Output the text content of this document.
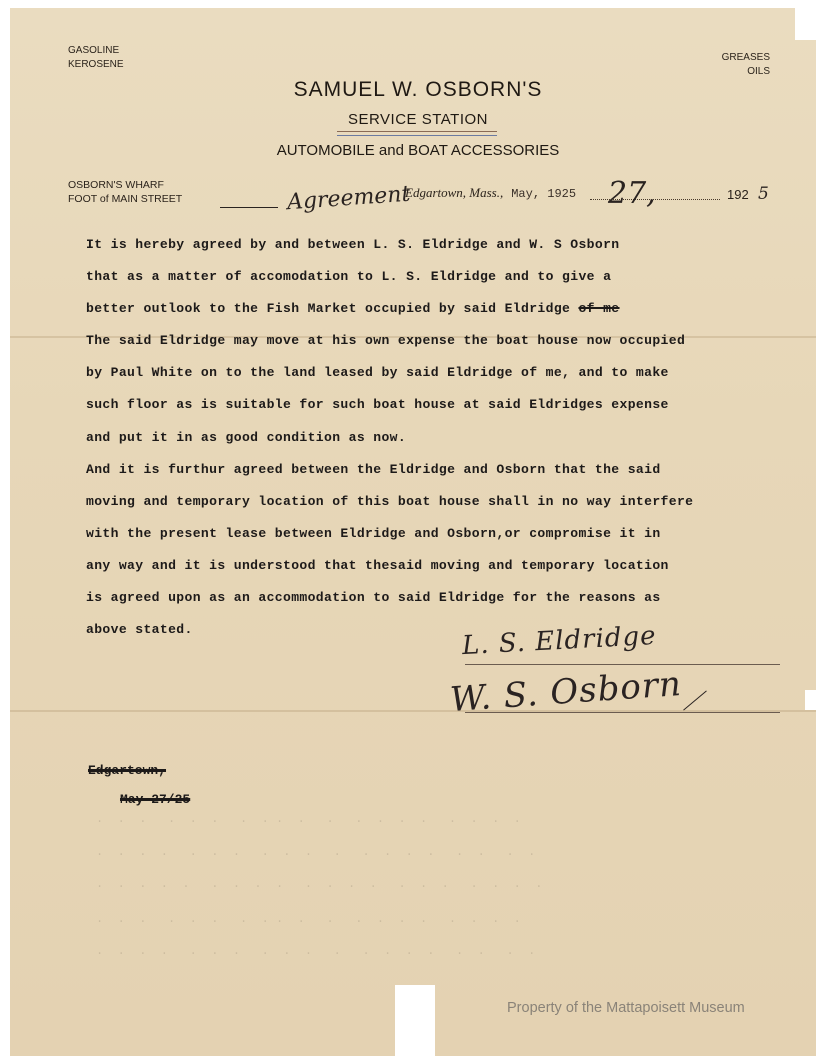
GASOLINE
KEROSENE
GREASES
OILS
SAMUEL W. OSBORN'S
SERVICE STATION
AUTOMOBILE and BOAT ACCESSORIES
OSBORN'S WHARF
FOOT of MAIN STREET	Agreement
Edgartown, Mass., May, 1925 27,	192 5
It is hereby agreed by and between L. S. Eldridge and W. S Osborn
that as a matter of accomodation to L. S. Eldridge and to give a
better outlook to the Fish Market occupied by said Eldridge of me
The said Eldridge may move at his own expense the boat house now occupied
by Paul White on to the land leased by said Eldridge of me, and to make
such floor as is suitable for such boat house at said Eldridges expense
and put it in as good condition as now.
And it is furthur agreed between the Eldridge and Osborn that the said
moving and temporary location of this boat house shall in no way interfere
with the present lease between Eldridge and Osborn,or compromise it in
any way and it is understood that thesaid moving and temporary location
is agreed upon as an accommodation to said Eldridge for the reasons as
above stated.	L. S. Eldridge
W. S. Osborn
Edgartown,
May 27/25
.  .  .   .  .  .   .  . .  .   .   .  .  .  .   .  .  .  .
.  .  .  .   .  .  .   .  .  .   .   .  .  .  .   .  .   .  .
.  .  .  .  .   .  .  .  .   .  .  .  .   .  .  .   .  .  .  .
.  .  .   .  .  .   .  . .  .   .   .  .  .  .   .  .  .  .
.  .  .  .   .  .  .   .  .  .   .   .  .  .  .   .  .   .  .
Property of the Mattapoisett Museum
